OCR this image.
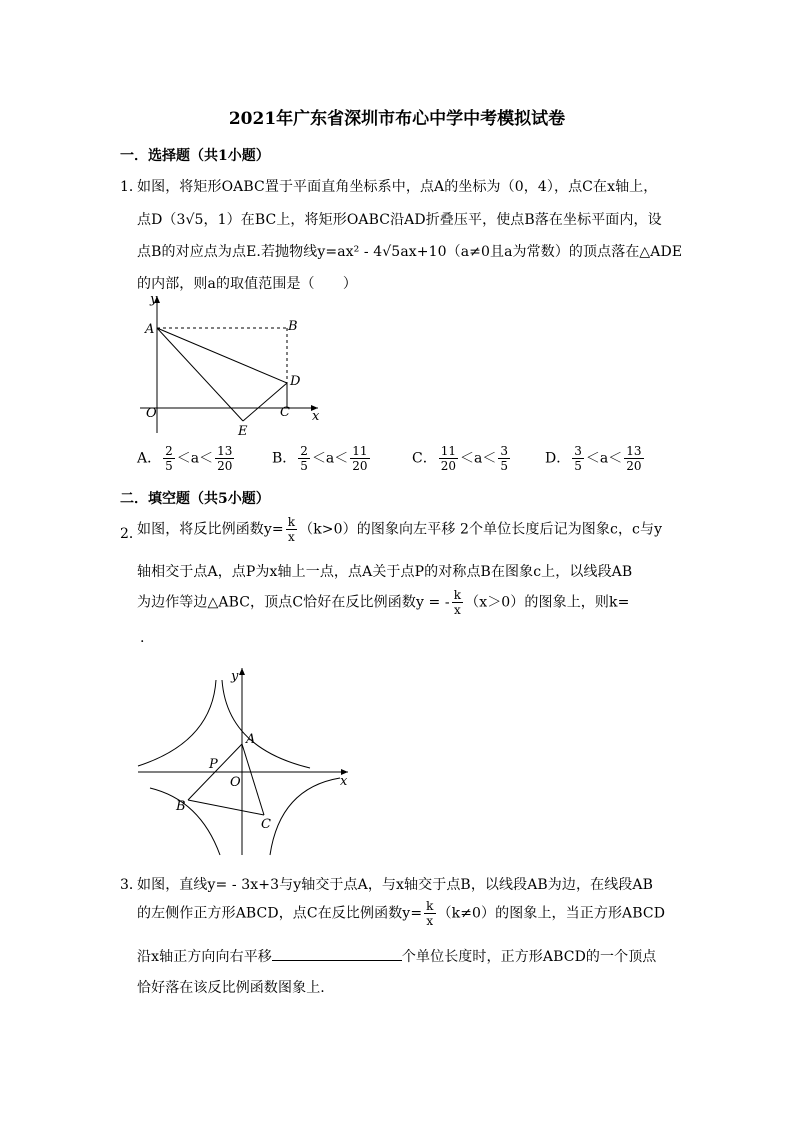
2021年广东省深圳市布心中学中考模拟试卷
一．选择题（共1小题）
1．
如图，将矩形OABC置于平面直角坐标系中，点A的坐标为（0，4），点C在x轴上，
点D（3√5，1）在BC上，将矩形OABC沿AD折叠压平，使点B落在坐标平面内，设
点B的对应点为点E.若抛物线y=ax² - 4√5ax+10（a≠0且a为常数）的顶点落在△ADE
的内部，则a的取值范围是（　　）
y
A	B
D
O	C x
E
A． $\frac{2}{5} <a< \frac{13}{20}$	B． $\frac{2}{5} <a< \frac{11}{20}$	C． $\frac{11}{20} <a< \frac{3}{5}$	D． $\frac{3}{5} <a< \frac{13}{20}$
二．填空题（共5小题）
2．
如图，将反比例函数$y= \frac{k}{x} (k>0)$的图象向左平移 2个单位长度后记为图象c，c与y
轴相交于点A，点P为x轴上一点，点A关于点P的对称点B在图象c上，以线段AB
为边作等边△ABC，顶点C恰好在反比例函数y = - $\frac{k}{x} (x>0)$的图象上，则k=
.
y
A
P
O	x
B
C
3．
如图，直线y= - 3x+3与y轴交于点A，与x轴交于点B，以线段AB为边，在线段AB
的左侧作正方形ABCD，点C在反比例函数$y= \frac{k}{x} (k\ne 0)$的图象上，当正方形ABCD
沿x轴正方向向右平移	个单位长度时，正方形ABCD的一个顶点
恰好落在该反比例函数图象上.
